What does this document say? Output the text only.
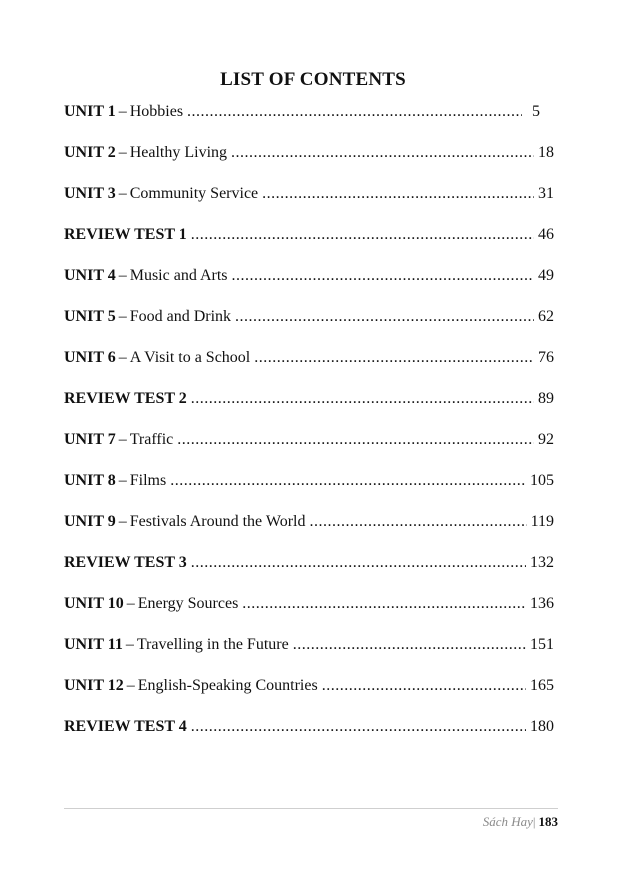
LIST OF CONTENTS
UNIT 1 – Hobbies .....	5
UNIT 2 – Healthy Living .....	18
UNIT 3 – Community Service .....	31
REVIEW TEST 1 .....	46
UNIT 4 – Music and Arts .....	49
UNIT 5 – Food and Drink .....	62
UNIT 6 – A Visit to a School .....	76
REVIEW TEST 2 .....	89
UNIT 7 – Traffic .....	92
UNIT 8 – Films .....	105
UNIT 9 – Festivals Around the World .....	119
REVIEW TEST 3 .....	132
UNIT 10 – Energy Sources .....	136
UNIT 11 – Travelling in the Future .....	151
UNIT 12 – English-Speaking Countries .....	165
REVIEW TEST 4 .....	180
Sách Hay| 183
